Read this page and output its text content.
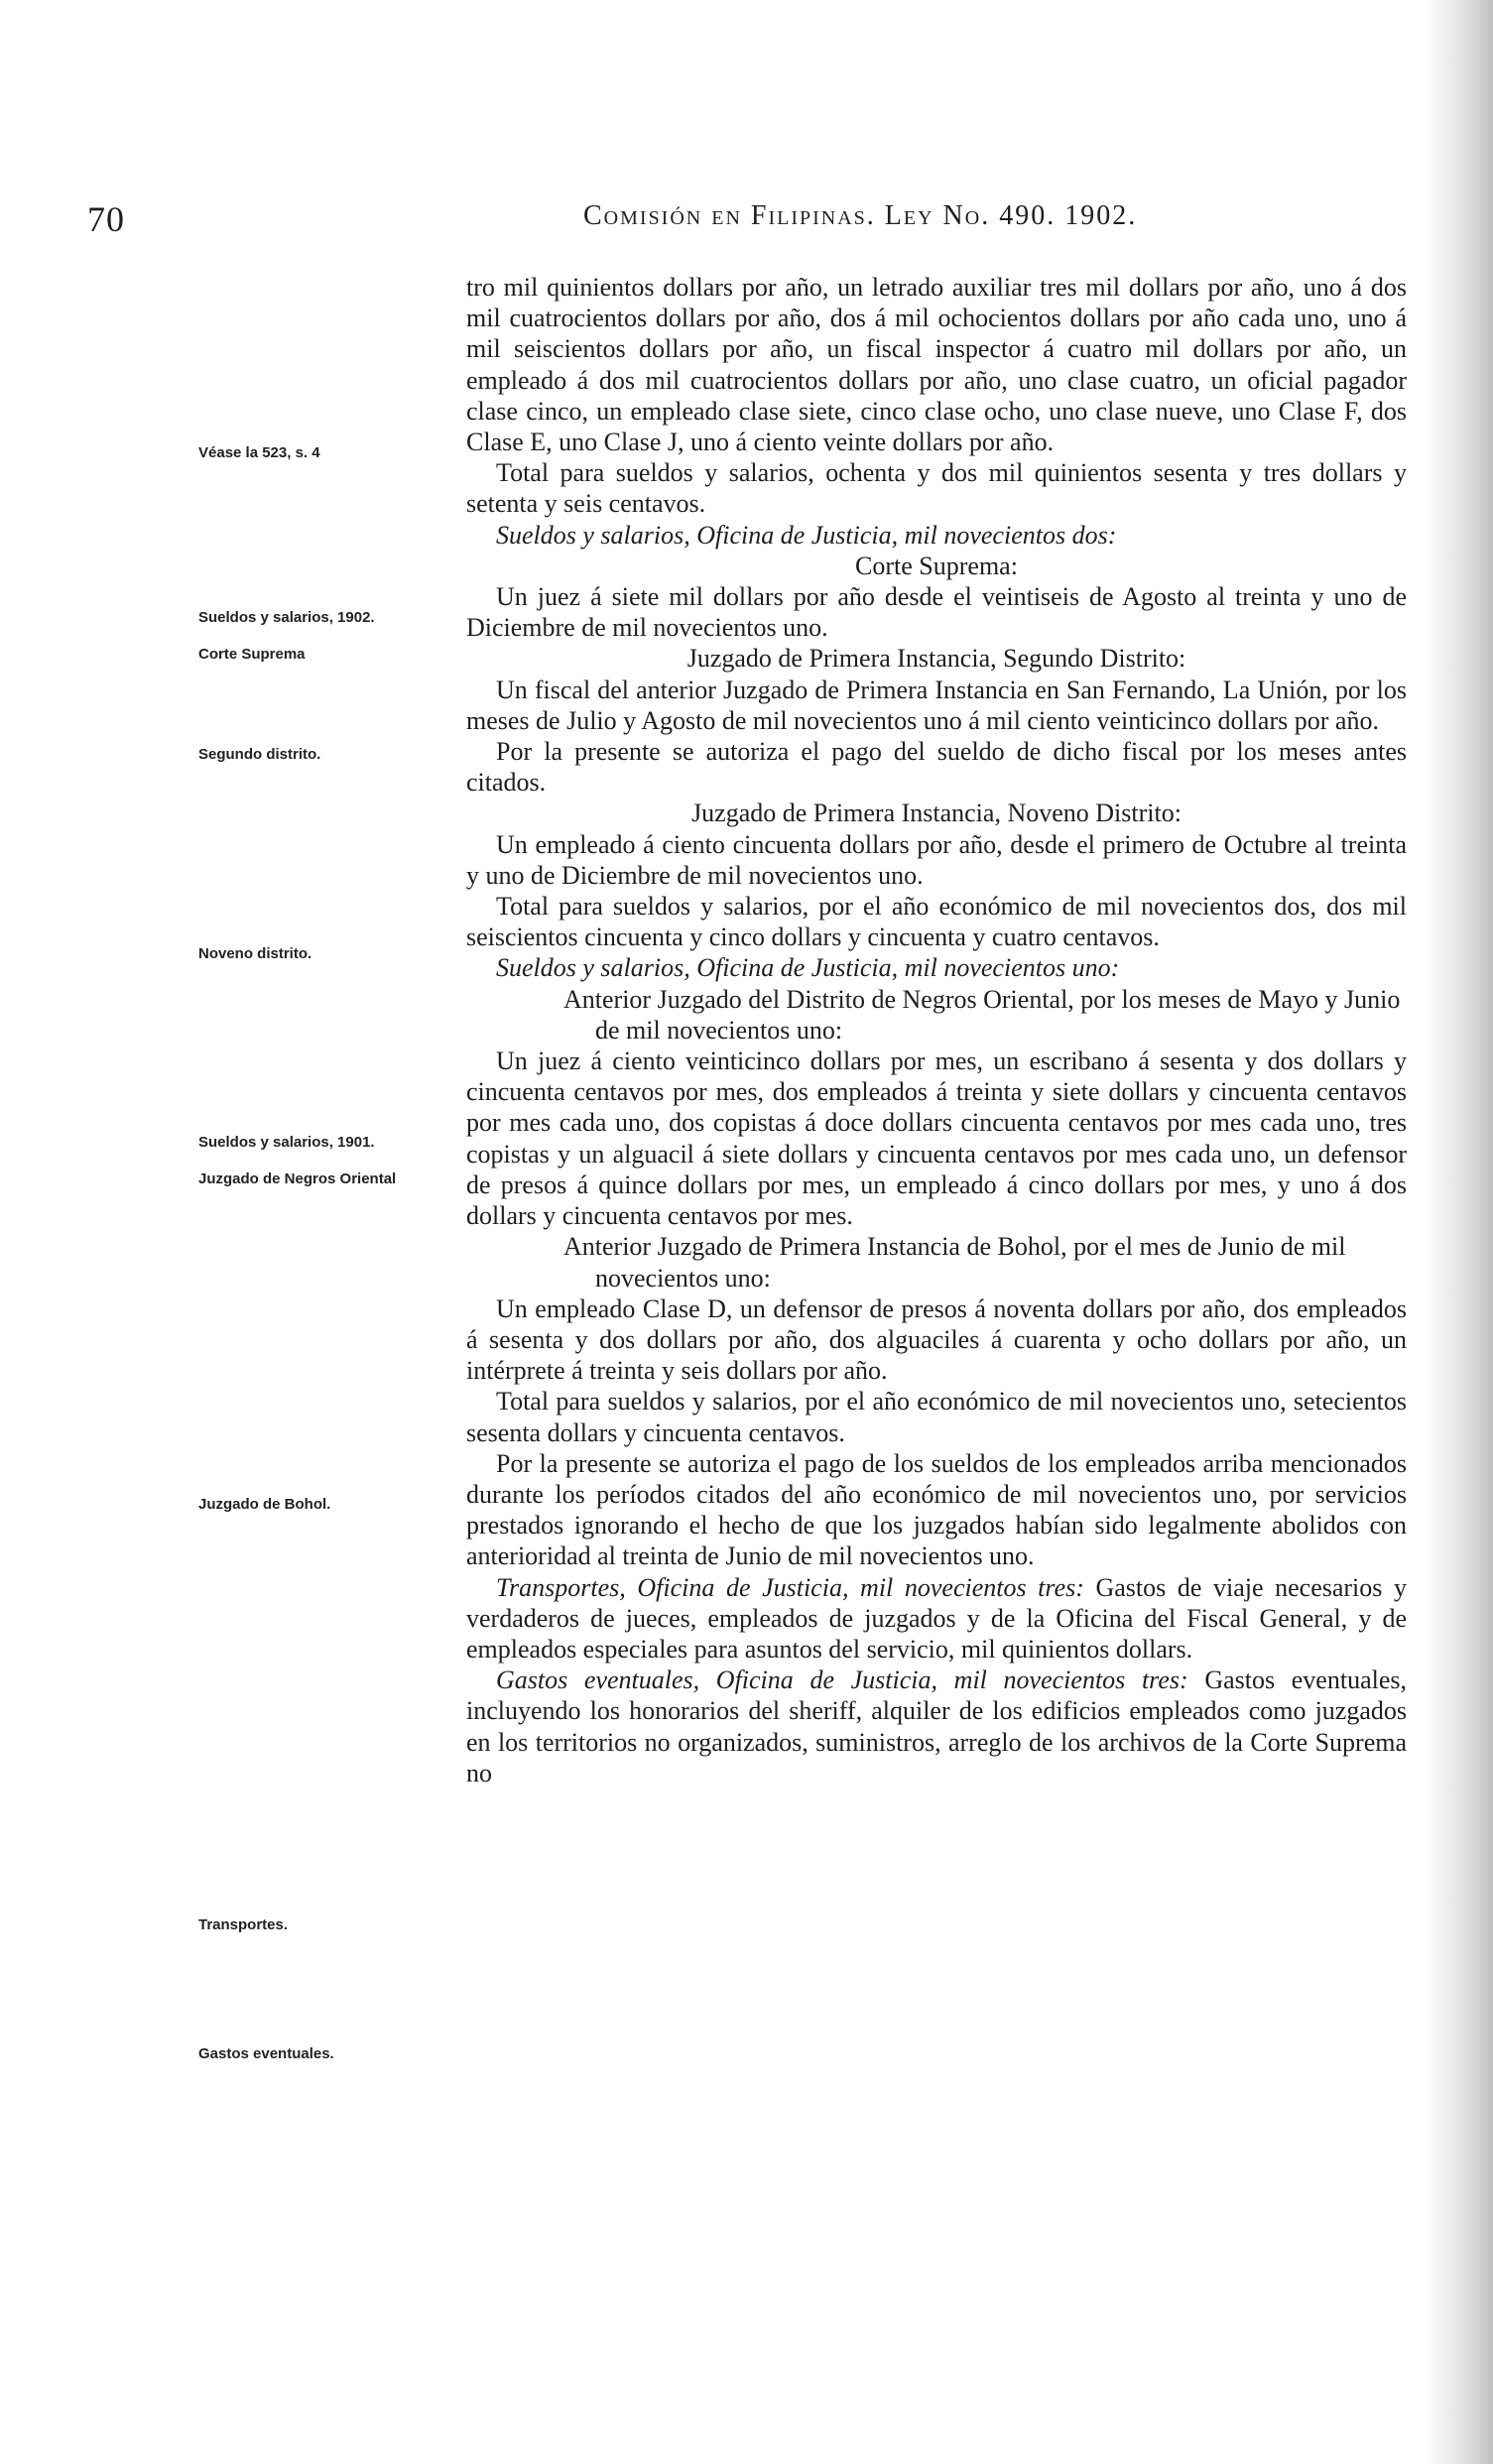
70	Comisión en Filipinas. Ley No. 490. 1902.
Véase la 523, s. 4
Sueldos y salarios, 1902.
Corte Suprema
Segundo distrito.
Noveno distrito.
Sueldos y salarios, 1901.
Juzgado de Negros Oriental
Juzgado de Bohol.
Transportes.
Gastos eventuales.

tro mil quinientos dollars por año, un letrado auxiliar tres mil dollars por año, uno á dos mil cuatrocientos dollars por año, dos á mil ochocientos dollars por año cada uno, uno á mil seiscientos dollars por año, un fiscal inspector á cuatro mil dollars por año, un empleado á dos mil cuatrocientos dollars por año, uno clase cuatro, un oficial pagador clase cinco, un empleado clase siete, cinco clase ocho, uno clase nueve, uno Clase F, dos Clase E, uno Clase J, uno á ciento veinte dollars por año.

Total para sueldos y salarios, ochenta y dos mil quinientos sesenta y tres dollars y setenta y seis centavos.

Sueldos y salarios, Oficina de Justicia, mil novecientos dos:

Corte Suprema:

Un juez á siete mil dollars por año desde el veintiseis de Agosto al treinta y uno de Diciembre de mil novecientos uno.

Juzgado de Primera Instancia, Segundo Distrito:

Un fiscal del anterior Juzgado de Primera Instancia en San Fernando, La Unión, por los meses de Julio y Agosto de mil novecientos uno á mil ciento veinticinco dollars por año.

Por la presente se autoriza el pago del sueldo de dicho fiscal por los meses antes citados.

Juzgado de Primera Instancia, Noveno Distrito:

Un empleado á ciento cincuenta dollars por año, desde el primero de Octubre al treinta y uno de Diciembre de mil novecientos uno.

Total para sueldos y salarios, por el año económico de mil novecientos dos, dos mil seiscientos cincuenta y cinco dollars y cincuenta y cuatro centavos.

Sueldos y salarios, Oficina de Justicia, mil novecientos uno:

Anterior Juzgado del Distrito de Negros Oriental, por los meses de Mayo y Junio de mil novecientos uno:

Un juez á ciento veinticinco dollars por mes, un escribano á sesenta y dos dollars y cincuenta centavos por mes, dos empleados á treinta y siete dollars y cincuenta centavos por mes cada uno, dos copistas á doce dollars cincuenta centavos por mes cada uno, tres copistas y un alguacil á siete dollars y cincuenta centavos por mes cada uno, un defensor de presos á quince dollars por mes, un empleado á cinco dollars por mes, y uno á dos dollars y cincuenta centavos por mes.

Anterior Juzgado de Primera Instancia de Bohol, por el mes de Junio de mil novecientos uno:

Un empleado Clase D, un defensor de presos á noventa dollars por año, dos empleados á sesenta y dos dollars por año, dos alguaciles á cuarenta y ocho dollars por año, un intérprete á treinta y seis dollars por año.

Total para sueldos y salarios, por el año económico de mil novecientos uno, setecientos sesenta dollars y cincuenta centavos.

Por la presente se autoriza el pago de los sueldos de los empleados arriba mencionados durante los períodos citados del año económico de mil novecientos uno, por servicios prestados ignorando el hecho de que los juzgados habían sido legalmente abolidos con anterioridad al treinta de Junio de mil novecientos uno.

Transportes, Oficina de Justicia, mil novecientos tres: Gastos de viaje necesarios y verdaderos de jueces, empleados de juzgados y de la Oficina del Fiscal General, y de empleados especiales para asuntos del servicio, mil quinientos dollars.

Gastos eventuales, Oficina de Justicia, mil novecientos tres: Gastos eventuales, incluyendo los honorarios del sheriff, alquiler de los edificios empleados como juzgados en los territorios no organizados, suministros, arreglo de los archivos de la Corte Suprema no
